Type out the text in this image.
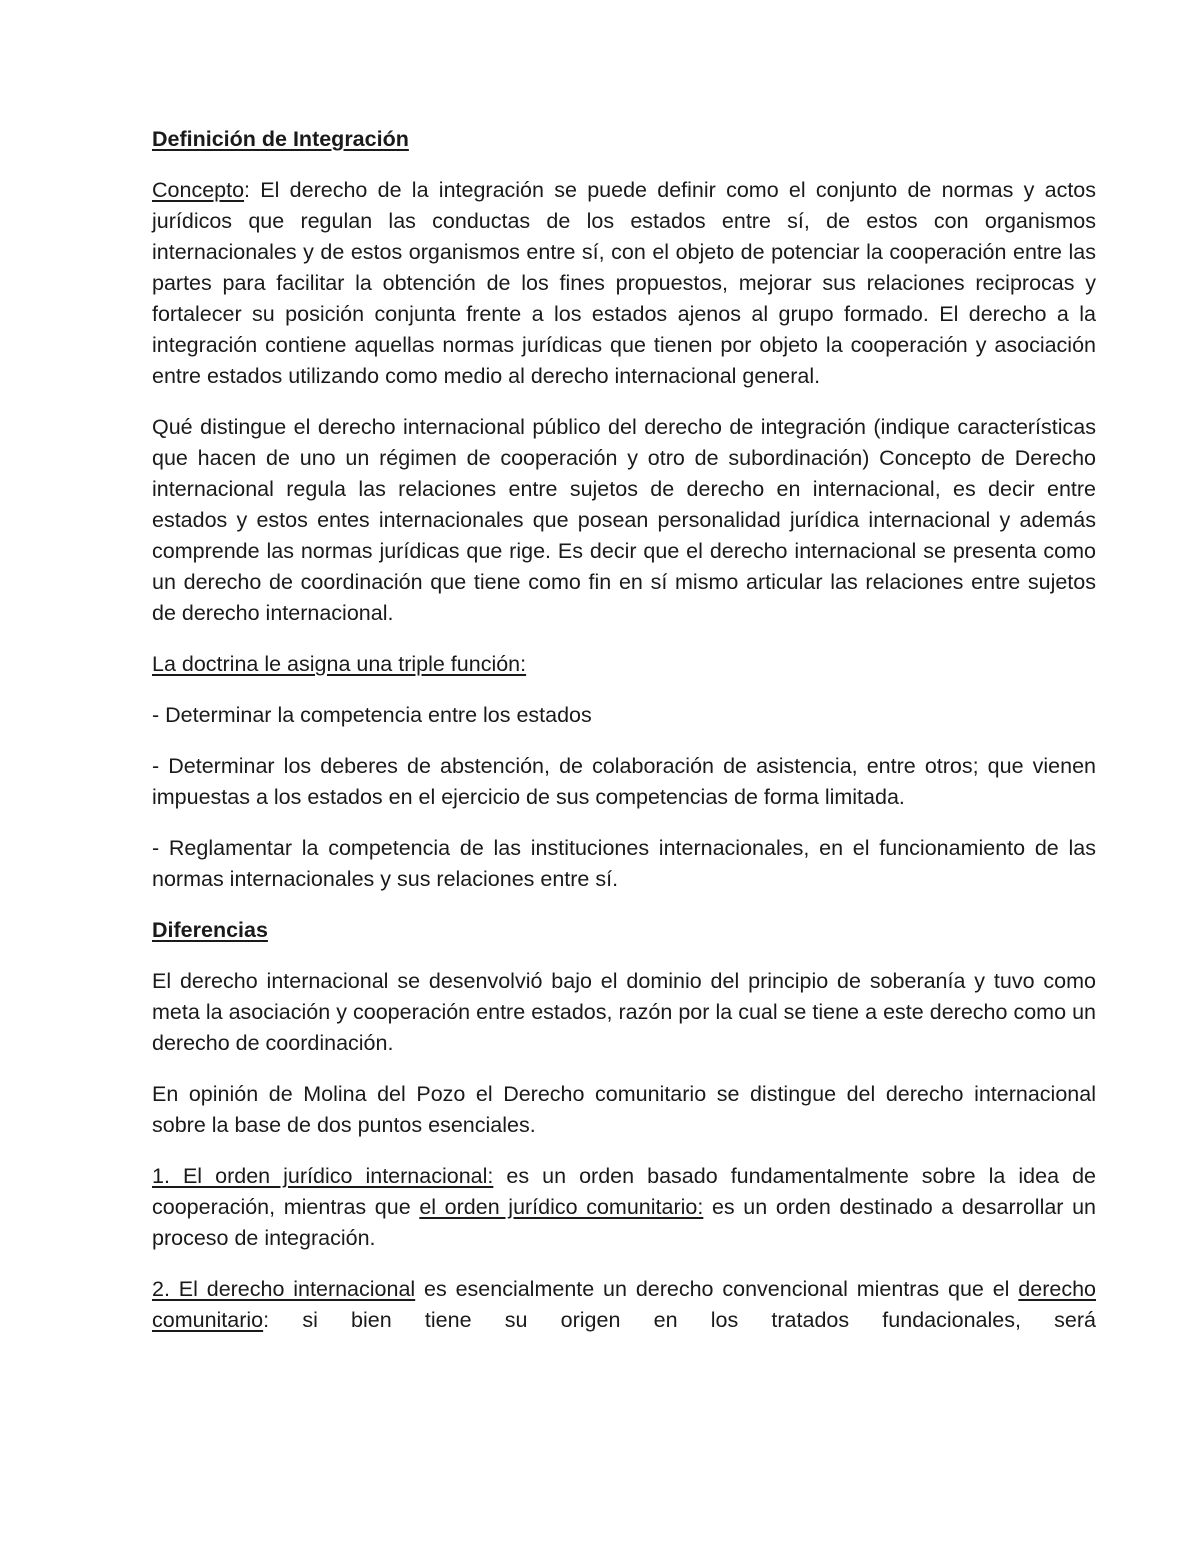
Definición de Integración

Concepto: El derecho de la integración se puede definir como el conjunto de normas y actos jurídicos que regulan las conductas de los estados entre sí, de estos con organismos internacionales y de estos organismos entre sí, con el objeto de potenciar la cooperación entre las partes para facilitar la obtención de los fines propuestos, mejorar sus relaciones reciprocas y fortalecer su posición conjunta frente a los estados ajenos al grupo formado. El derecho a la integración contiene aquellas normas jurídicas que tienen por objeto la cooperación y asociación entre estados utilizando como medio al derecho internacional general.

Qué distingue el derecho internacional público del derecho de integración (indique características que hacen de uno un régimen de cooperación y otro de subordinación) Concepto de Derecho internacional regula las relaciones entre sujetos de derecho en internacional, es decir entre estados y estos entes internacionales que posean personalidad jurídica internacional y además comprende las normas jurídicas que rige. Es decir que el derecho internacional se presenta como un derecho de coordinación que tiene como fin en sí mismo articular las relaciones entre sujetos de derecho internacional.

La doctrina le asigna una triple función:

- Determinar la competencia entre los estados

- Determinar los deberes de abstención, de colaboración de asistencia, entre otros; que vienen impuestas a los estados en el ejercicio de sus competencias de forma limitada.

- Reglamentar la competencia de las instituciones internacionales, en el funcionamiento de las normas internacionales y sus relaciones entre sí.

Diferencias

El derecho internacional se desenvolvió bajo el dominio del principio de soberanía y tuvo como meta la asociación y cooperación entre estados, razón por la cual se tiene a este derecho como un derecho de coordinación.

En opinión de Molina del Pozo el Derecho comunitario se distingue del derecho internacional sobre la base de dos puntos esenciales.

1. El orden jurídico internacional: es un orden basado fundamentalmente sobre la idea de cooperación, mientras que el orden jurídico comunitario: es un orden destinado a desarrollar un proceso de integración.

2. El derecho internacional es esencialmente un derecho convencional mientras que el derecho comunitario: si bien tiene su origen en los tratados fundacionales, será
